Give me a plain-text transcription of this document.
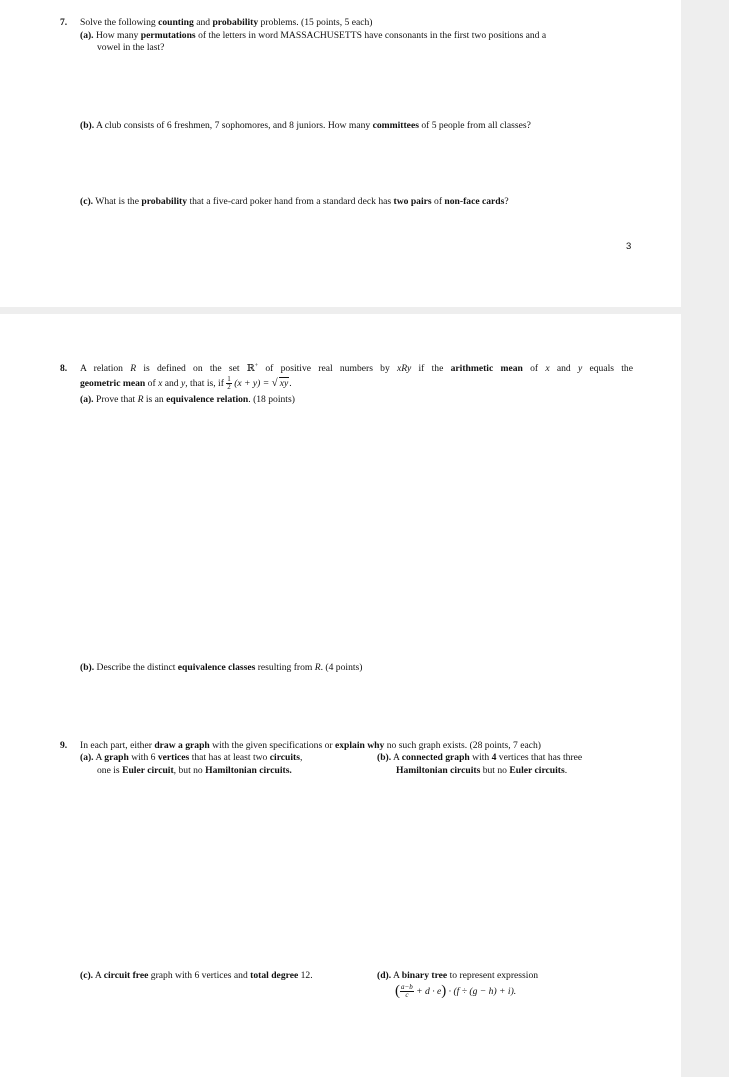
7. Solve the following counting and probability problems. (15 points, 5 each)
(a). How many permutations of the letters in word MASSACHUSETTS have consonants in the first two positions and a
vowel in the last?
(b). A club consists of 6 freshmen, 7 sophomores, and 8 juniors. How many committees of 5 people from all classes?
(c). What is the probability that a five-card poker hand from a standard deck has two pairs of non-face cards?
3
8. A relation R is defined on the set ℝ+ of positive real numbers by xRy if the arithmetic mean of x and y equals the
geometric mean of x and y, that is, if $\frac{1}{2} (x + y)$ = √ xy.
(a). Prove that R is an equivalence relation. (18 points)
(b). Describe the distinct equivalence classes resulting from R. (4 points)
9. In each part, either draw a graph with the given specifications or explain why no such graph exists. (28 points, 7 each)
(a). A graph with 6 vertices that has at least two circuits,
one is Euler circuit, but no Hamiltonian circuits.
(b). A connected graph with 4 vertices that has three
Hamiltonian circuits but no Euler circuits.
(c). A circuit free graph with 6 vertices and total degree 12.	(d). A binary tree to represent expression
( $\frac{a-b}{c} + d \cdot e) \cdot (f \div (g - h) + i)$.
